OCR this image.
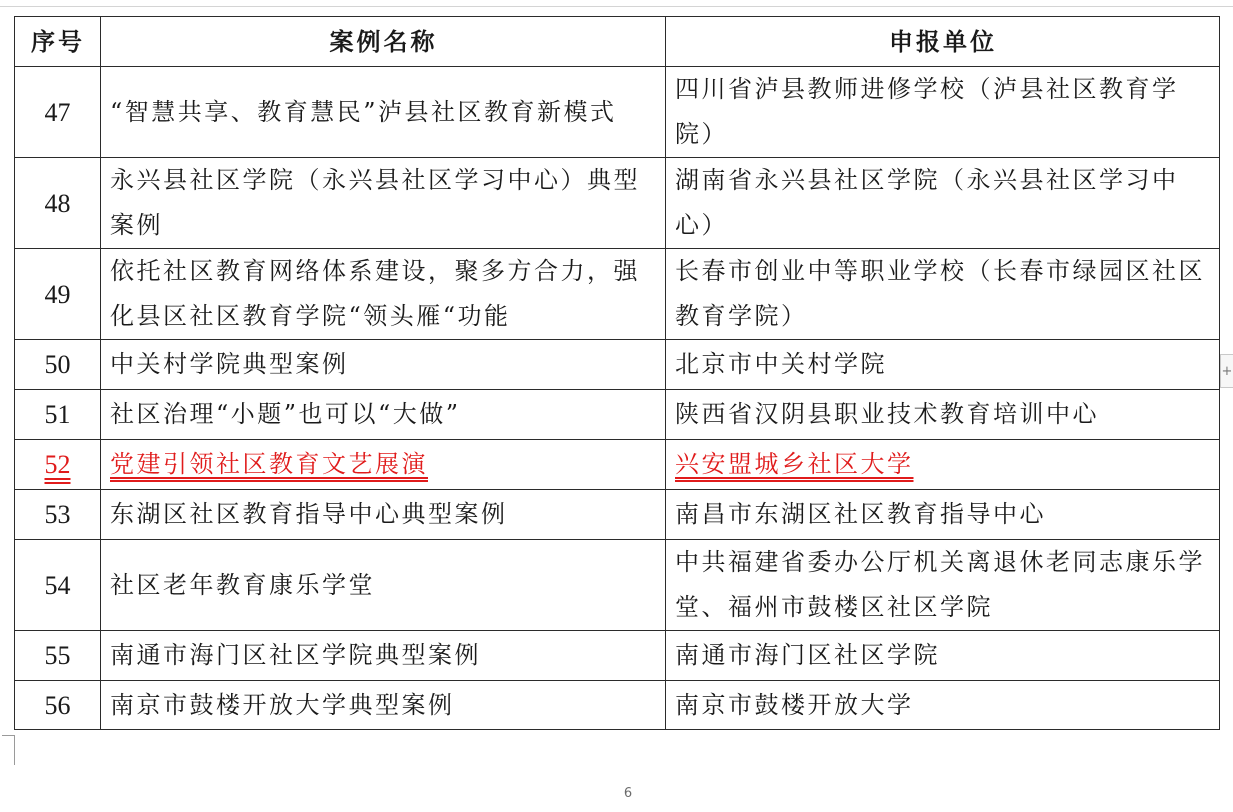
+
序号	案例名称	申报单位
47	“智慧共享、教育慧民”泸县社区教育新模式	四川省泸县教师进修学校（泸县社区教育学院）
48	永兴县社区学院（永兴县社区学习中心）典型案例	湖南省永兴县社区学院（永兴县社区学习中心）
49	依托社区教育网络体系建设，聚多方合力，强化县区社区教育学院“领头雁“功能	长春市创业中等职业学校（长春市绿园区社区教育学院）
50	中关村学院典型案例	北京市中关村学院
51	社区治理“小题”也可以“大做”	陕西省汉阴县职业技术教育培训中心
52	党建引领社区教育文艺展演	兴安盟城乡社区大学
53	东湖区社区教育指导中心典型案例	南昌市东湖区社区教育指导中心
54	社区老年教育康乐学堂	中共福建省委办公厅机关离退休老同志康乐学堂、福州市鼓楼区社区学院
55	南通市海门区社区学院典型案例	南通市海门区社区学院
56	南京市鼓楼开放大学典型案例	南京市鼓楼开放大学
6
